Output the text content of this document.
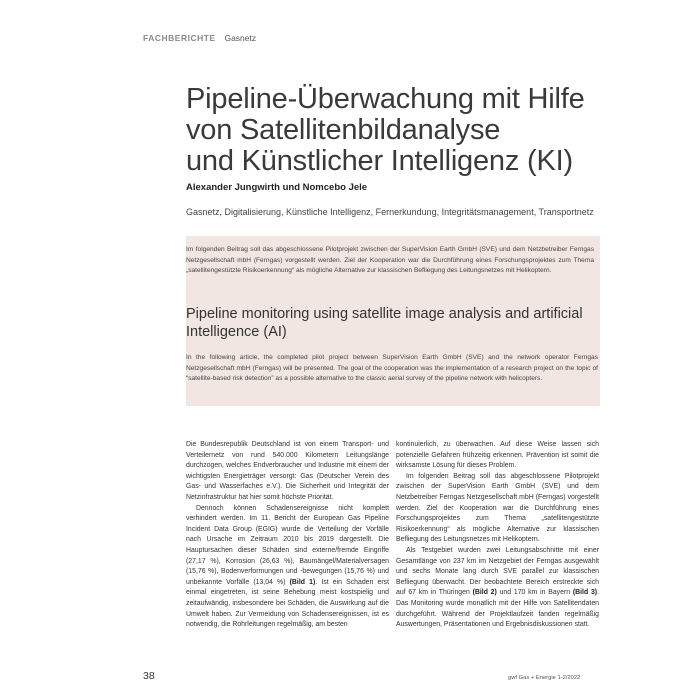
FACHBERICHTE Gasnetz
Pipeline-Überwachung mit Hilfe
von Satellitenbildanalyse
und Künstlicher Intelligenz (KI)
Alexander Jungwirth und Nomcebo Jele
Gasnetz, Digitalisierung, Künstliche Intelligenz, Fernerkundung, Integritätsmanagement, Transportnetz
Im folgenden Beitrag soll das abgeschlossene Pilotprojekt zwischen der SuperVision Earth GmbH (SVE) und dem Netzbetreiber Ferngas Netzgesellschaft mbH (Ferngas) vorgestellt werden. Ziel der Kooperation war die Durchführung eines Forschungsprojektes zum Thema „satellitengestützte Risikoerkennung“ als mögliche Alternative zur klassischen Befliegung des Leitungsnetzes mit Helikoptern.
Pipeline monitoring using satellite image analysis and artificial Intelligence (AI)
In the following article, the completed pilot project between SuperVision Earth GmbH (SVE) and the network operator Ferngas Netzgesellschaft mbH (Ferngas) will be presented. The goal of the cooperation was the implementation of a research project on the topic of “satellite-based risk detection” as a possible alternative to the classic aerial survey of the pipeline network with helicopters.

Die Bundesrepublik Deutschland ist von einem Transport- und Verteilernetz von rund 540.000 Kilometern Leitungslänge durchzogen, welches Endverbraucher und Industrie mit einem der wichtigsten Energieträger versorgt: Gas (Deutscher Verein des Gas- und Wasserfaches e.V.). Die Sicherheit und Integrität der Netzinfrastruktur hat hier somit höchste Priorität.

Dennoch können Schadensereignisse nicht komplett verhindert werden. Im 11. Bericht der European Gas Pipeline Incident Data Group (EGIG) wurde die Verteilung der Vorfälle nach Ursache im Zeitraum 2010 bis 2019 dargestellt. Die Hauptursachen dieser Schäden sind externe/fremde Eingriffe (27,17 %), Korrosion (26,63 %), Baumängel/Materialversagen (15,76 %), Bodenverformungen und -bewegungen (15,76 %) und unbekannte Vorfälle (13,04 %) (Bild 1). Ist ein Schaden erst einmal eingetreten, ist seine Behebung meist kostspielig und zeitaufwändig, insbesondere bei Schäden, die Auswirkung auf die Umwelt haben. Zur Vermeidung von Schadensereignissen, ist es notwendig, die Rohrleitungen regelmäßig, am besten

kontinuierlich, zu überwachen. Auf diese Weise lassen sich potenzielle Gefahren frühzeitig erkennen. Prävention ist somit die wirksamste Lösung für dieses Problem.

Im folgenden Beitrag soll das abgeschlossene Pilotprojekt zwischen der SuperVision Earth GmbH (SVE) und dem Netzbetreiber Ferngas Netzgesellschaft mbH (Ferngas) vorgestellt werden. Ziel der Kooperation war die Durchführung eines Forschungsprojektes zum Thema „satellitengestützte Risikoerkennung“ als mögliche Alternative zur klassischen Befliegung des Leitungsnetzes mit Helikoptern.

Als Testgebiet wurden zwei Leitungsabschnitte mit einer Gesamtlänge von 237 km im Netzgebiet der Ferngas ausgewählt und sechs Monate lang durch SVE parallel zur klassischen Befliegung überwacht. Der beobachtete Bereich erstreckte sich auf 67 km in Thüringen (Bild 2) und 170 km in Bayern (Bild 3). Das Monitoring wurde monatlich mit der Hilfe von Satellitendaten durchgeführt. Während der Projektlaufzeit fanden regelmäßig Auswertungen, Präsentationen und Ergebnisdiskussionen statt.

38	gwf Gas + Energie 1-2/2022
